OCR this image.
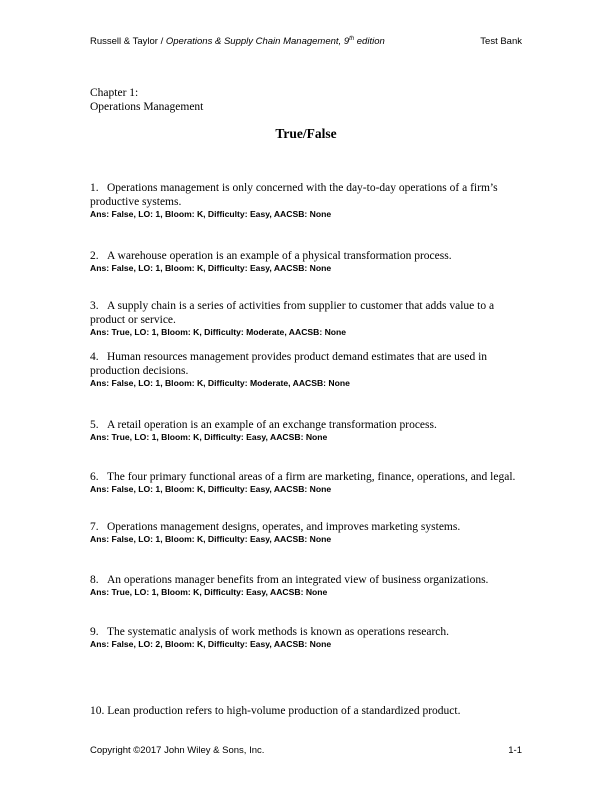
Russell & Taylor / Operations & Supply Chain Management, 9th edition	Test Bank
Chapter 1:
Operations Management
True/False
1. Operations management is only concerned with the day-to-day operations of a firm’s productive systems.
Ans: False, LO: 1, Bloom: K, Difficulty: Easy, AACSB: None
2. A warehouse operation is an example of a physical transformation process.
Ans: False, LO: 1, Bloom: K, Difficulty: Easy, AACSB: None
3. A supply chain is a series of activities from supplier to customer that adds value to a product or service.
Ans: True, LO: 1, Bloom: K, Difficulty: Moderate, AACSB: None
4. Human resources management provides product demand estimates that are used in production decisions.
Ans: False, LO: 1, Bloom: K, Difficulty: Moderate, AACSB: None
5. A retail operation is an example of an exchange transformation process.
Ans: True, LO: 1, Bloom: K, Difficulty: Easy, AACSB: None
6. The four primary functional areas of a firm are marketing, finance, operations, and legal.
Ans: False, LO: 1, Bloom: K, Difficulty: Easy, AACSB: None
7. Operations management designs, operates, and improves marketing systems.
Ans: False, LO: 1, Bloom: K, Difficulty: Easy, AACSB: None
8. An operations manager benefits from an integrated view of business organizations.
Ans: True, LO: 1, Bloom: K, Difficulty: Easy, AACSB: None
9. The systematic analysis of work methods is known as operations research.
Ans: False, LO: 2, Bloom: K, Difficulty: Easy, AACSB: None
10. Lean production refers to high-volume production of a standardized product.
Copyright ©2017 John Wiley & Sons, Inc.	1-1
